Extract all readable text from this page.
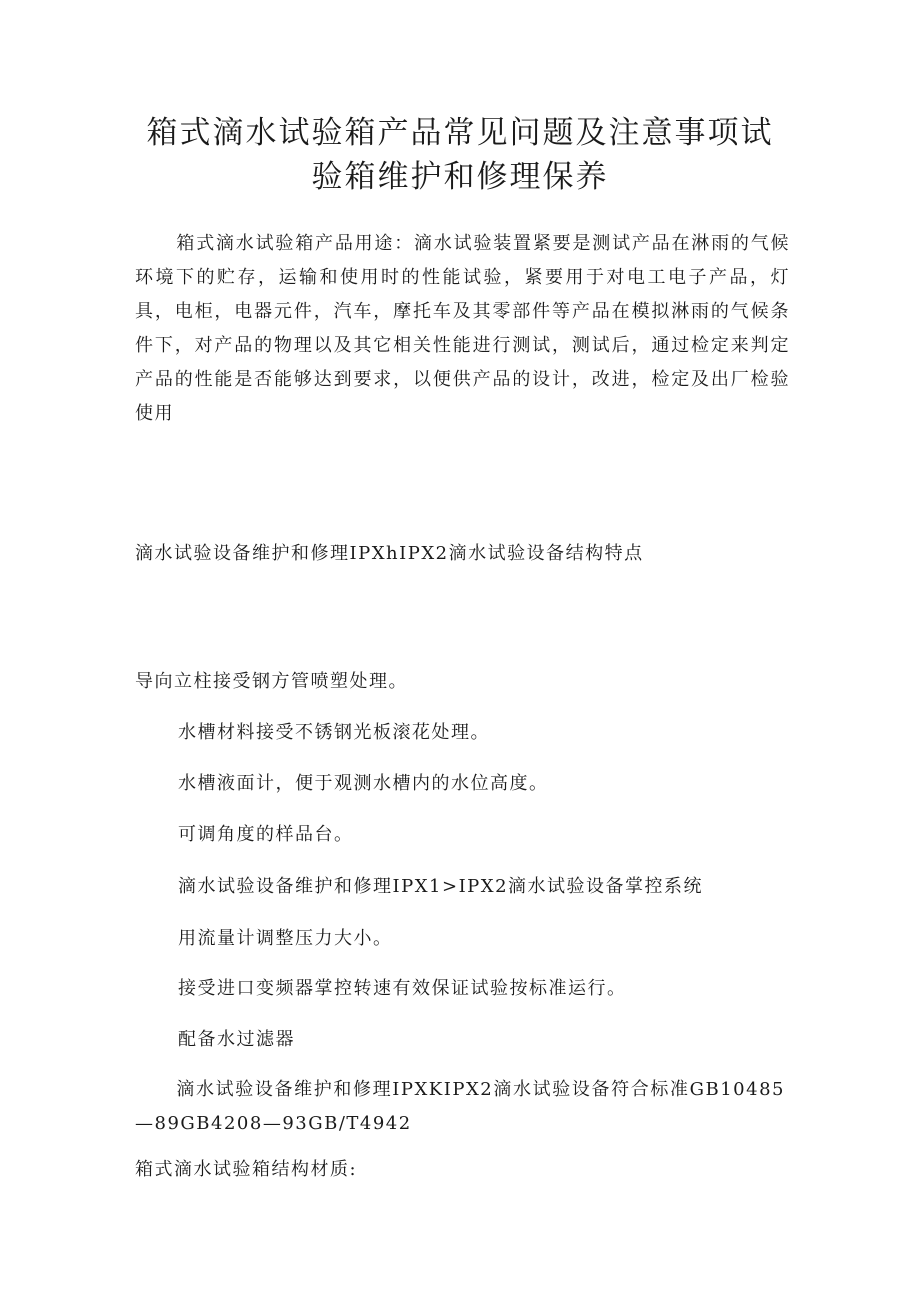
箱式滴水试验箱产品常见问题及注意事项试
验箱维护和修理保养

箱式滴水试验箱产品用途：滴水试验装置紧要是测试产品在淋雨的气候环境下的贮存，运输和使用时的性能试验，紧要用于对电工电子产品，灯具，电柜，电器元件，汽车，摩托车及其零部件等产品在模拟淋雨的气候条件下，对产品的物理以及其它相关性能进行测试，测试后，通过检定来判定产品的性能是否能够达到要求，以便供产品的设计，改进，检定及出厂检验使用

滴水试验设备维护和修理IPXhIPX2滴水试验设备结构特点

导向立柱接受钢方管喷塑处理。

水槽材料接受不锈钢光板滚花处理。

水槽液面计，便于观测水槽内的水位高度。

可调角度的样品台。

滴水试验设备维护和修理IPX1>IPX2滴水试验设备掌控系统

用流量计调整压力大小。

接受进口变频器掌控转速有效保证试验按标准运行。

配备水过滤器

滴水试验设备维护和修理IPXKIPX2滴水试验设备符合标准GB10485—89GB4208—93GB/T4942

箱式滴水试验箱结构材质:
